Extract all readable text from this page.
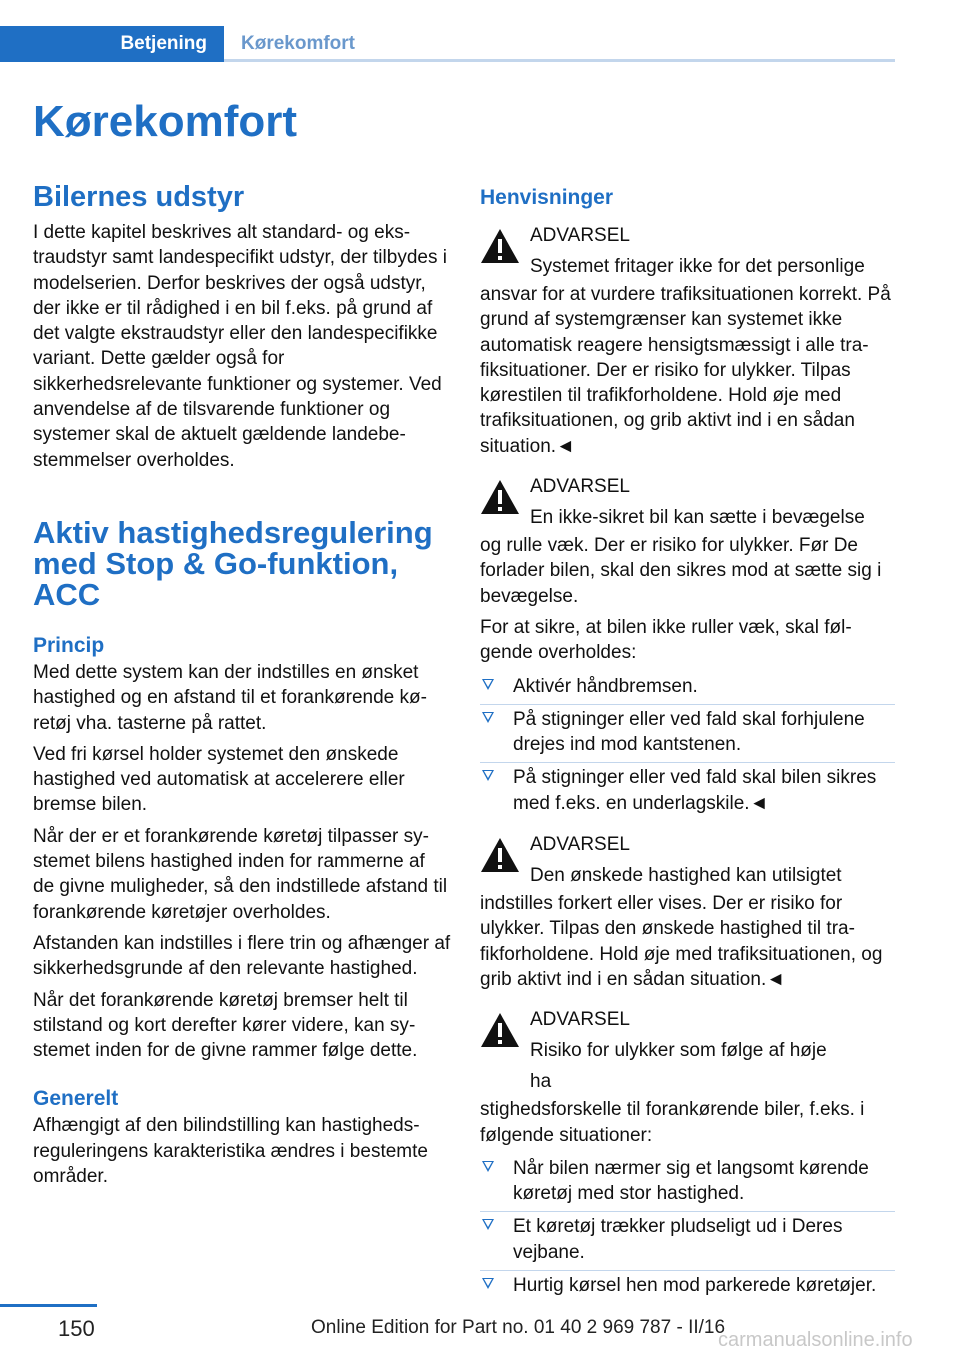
Betjening	Kørekomfort
Kørekomfort
Bilernes udstyr

I dette kapitel beskrives alt standard- og ekstraudstyr samt landespecifikt udstyr, der tilbydes i modelserien. Derfor beskrives der også udstyr, der ikke er til rådighed i en bil f.eks. på grund af det valgte ekstraudstyr eller den landespecifikke variant. Dette gælder også for sikkerhedsrelevante funktioner og systemer. Ved anvendelse af de tilsvarende funktioner og systemer skal de aktuelt gældende landebestemmelser overholdes.

Aktiv hastighedsregulering med Stop & Go-funktion, ACC
Princip

Med dette system kan der indstilles en ønsket hastighed og en afstand til et forankørende køretøj vha. tasterne på rattet.

Ved fri kørsel holder systemet den ønskede hastighed ved automatisk at accelerere eller bremse bilen.

Når der er et forankørende køretøj tilpasser systemet bilens hastighed inden for rammerne af de givne muligheder, så den indstillede afstand til forankørende køretøjer overholdes.

Afstanden kan indstilles i flere trin og afhænger af sikkerhedsgrunde af den relevante hastighed.

Når det forankørende køretøj bremser helt til stilstand og kort derefter kører videre, kan systemet inden for de givne rammer følge dette.

Generelt

Afhængigt af den bilindstilling kan hastighedsreguleringens karakteristika ændres i bestemte områder.

Henvisninger
ADVARSEL
Systemet fritager ikke for det personlige
ansvar for at vurdere trafiksituationen korrekt. På grund af systemgrænser kan systemet ikke automatisk reagere hensigtsmæssigt i alle trafiksituationer. Der er risiko for ulykker. Tilpas kørestilen til trafikforholdene. Hold øje med trafiksituationen, og grib aktivt ind i en sådan situation.◄
ADVARSEL
En ikke-sikret bil kan sætte i bevægelse
og rulle væk. Der er risiko for ulykker. Før De forlader bilen, skal den sikres mod at sætte sig i bevægelse.

For at sikre, at bilen ikke ruller væk, skal følgende overholdes:

Aktivér håndbremsen.
På stigninger eller ved fald skal forhjulene drejes ind mod kantstenen.
På stigninger eller ved fald skal bilen sikres med f.eks. en underlagskile.◄
ADVARSEL
Den ønskede hastighed kan utilsigtet
indstilles forkert eller vises. Der er risiko for ulykker. Tilpas den ønskede hastighed til trafikforholdene. Hold øje med trafiksituationen, og grib aktivt ind i en sådan situation.◄
ADVARSEL
Risiko for ulykker som følge af høje ha
stighedsforskelle til forankørende biler, f.eks. i følgende situationer:
Når bilen nærmer sig et langsomt kørende køretøj med stor hastighed.
Et køretøj trækker pludseligt ud i Deres vejbane.
Hurtig kørsel hen mod parkerede køretøjer.
150	Online Edition for Part no. 01 40 2 969 787 - II/16
carmanualsonline.info
